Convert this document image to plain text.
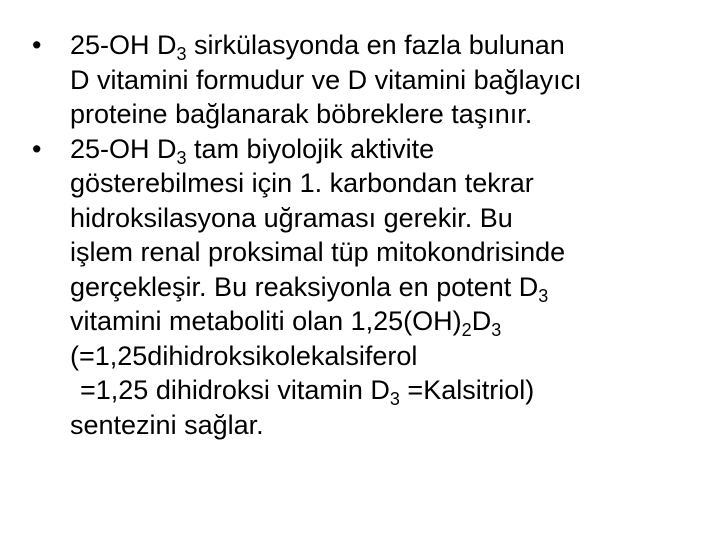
•	25-OH $D_3$ sirkülasyonda en fazla bulunan
D vitamini formudur ve D vitamini bağlayıcı
proteine bağlanarak böbreklere taşınır.
•	25-OH $D_3$ tam biyolojik aktivite
gösterebilmesi için 1. karbondan tekrar
hidroksilasyona uğraması gerekir. Bu
işlem renal proksimal tüp mitokondrisinde
gerçekleşir. Bu reaksiyonla en potent $D_3$
vitamini metaboliti olan $1,25(OH)_2D_3$
(=1,25dihidroksikolekalsiferol
=1,25 dihidroksi vitamin $D_3$ =Kalsitriol)
sentezini sağlar.
